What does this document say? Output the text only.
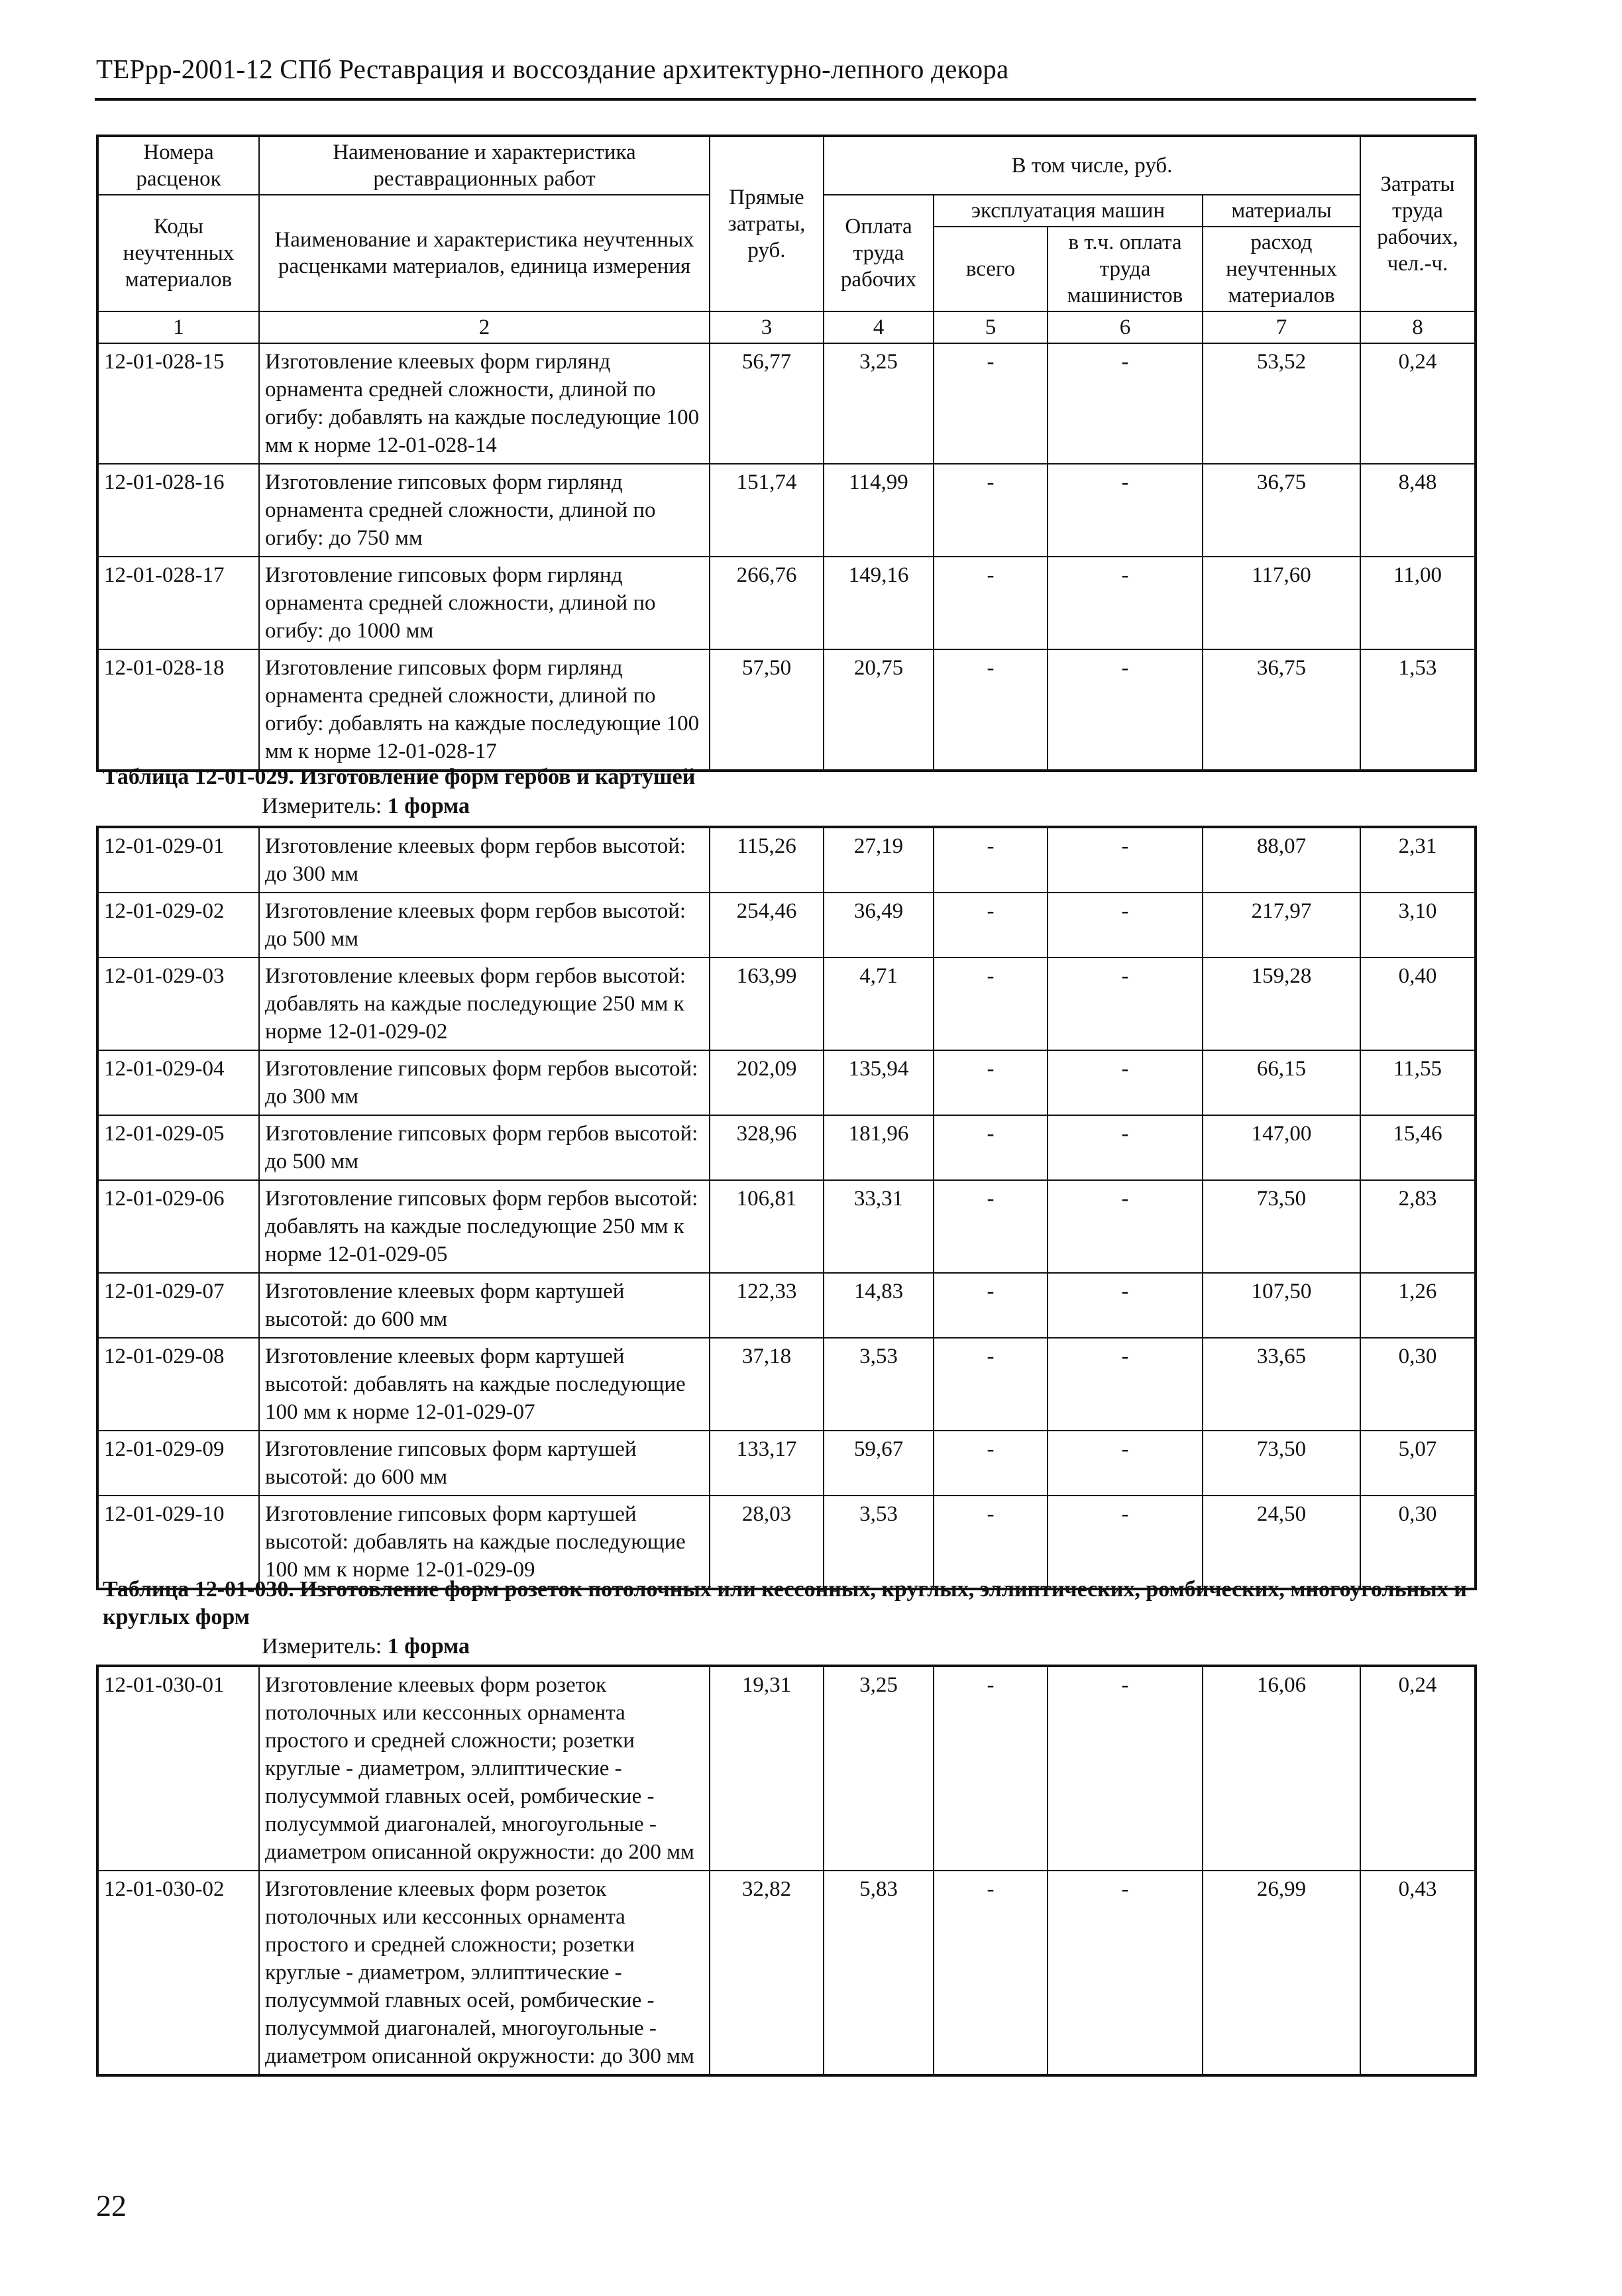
ТЕРрр-2001-12 СПб Реставрация и воссоздание архитектурно-лепного декора
Номера расценок	Наименование и характеристика реставрационных работ	Прямые затраты, руб.	В том числе, руб.				Затраты труда рабочих, чел.-ч.
Коды неучтенных материалов	Наименование и характеристика неучтенных расценками материалов, единица измерения		Оплата труда рабочих	эксплуатация машин		материалы	
				всего	в т.ч. оплата труда машинистов	расход неучтенных материалов	
1	2	3	4	5	6	7	8
12-01-028-15	Изготовление клеевых форм гирлянд орнамента средней сложности, длиной по огибу: добавлять на каждые последующие 100 мм к норме 12-01-028-14	56,77	3,25	-	-	53,52	0,24
12-01-028-16	Изготовление гипсовых форм гирлянд орнамента средней сложности, длиной по огибу: до 750 мм	151,74	114,99	-	-	36,75	8,48
12-01-028-17	Изготовление гипсовых форм гирлянд орнамента средней сложности, длиной по огибу: до 1000 мм	266,76	149,16	-	-	117,60	11,00
12-01-028-18	Изготовление гипсовых форм гирлянд орнамента средней сложности, длиной по огибу: добавлять на каждые последующие 100 мм к норме 12-01-028-17	57,50	20,75	-	-	36,75	1,53
Таблица 12-01-029. Изготовление форм гербов и картушей
Измеритель: 1 форма
12-01-029-01	Изготовление клеевых форм гербов высотой: до 300 мм	115,26	27,19	-	-	88,07	2,31
12-01-029-02	Изготовление клеевых форм гербов высотой: до 500 мм	254,46	36,49	-	-	217,97	3,10
12-01-029-03	Изготовление клеевых форм гербов высотой: добавлять на каждые последующие 250 мм к норме 12-01-029-02	163,99	4,71	-	-	159,28	0,40
12-01-029-04	Изготовление гипсовых форм гербов высотой: до 300 мм	202,09	135,94	-	-	66,15	11,55
12-01-029-05	Изготовление гипсовых форм гербов высотой: до 500 мм	328,96	181,96	-	-	147,00	15,46
12-01-029-06	Изготовление гипсовых форм гербов высотой: добавлять на каждые последующие 250 мм к норме 12-01-029-05	106,81	33,31	-	-	73,50	2,83
12-01-029-07	Изготовление клеевых форм картушей высотой: до 600 мм	122,33	14,83	-	-	107,50	1,26
12-01-029-08	Изготовление клеевых форм картушей высотой: добавлять на каждые последующие 100 мм к норме 12-01-029-07	37,18	3,53	-	-	33,65	0,30
12-01-029-09	Изготовление гипсовых форм картушей высотой: до 600 мм	133,17	59,67	-	-	73,50	5,07
12-01-029-10	Изготовление гипсовых форм картушей высотой: добавлять на каждые последующие 100 мм к норме 12-01-029-09	28,03	3,53	-	-	24,50	0,30
Таблица 12-01-030. Изготовление форм розеток потолочных или кессонных, круглых, эллиптических, ромбических, многоугольных и круглых форм
Измеритель: 1 форма
12-01-030-01	Изготовление клеевых форм розеток потолочных или кессонных орнамента простого и средней сложности; розетки круглые - диаметром, эллиптические - полусуммой главных осей, ромбические - полусуммой диагоналей, многоугольные - диаметром описанной окружности: до 200 мм	19,31	3,25	-	-	16,06	0,24
12-01-030-02	Изготовление клеевых форм розеток потолочных или кессонных орнамента простого и средней сложности; розетки круглые - диаметром, эллиптические - полусуммой главных осей, ромбические - полусуммой диагоналей, многоугольные - диаметром описанной окружности: до 300 мм	32,82	5,83	-	-	26,99	0,43
22
